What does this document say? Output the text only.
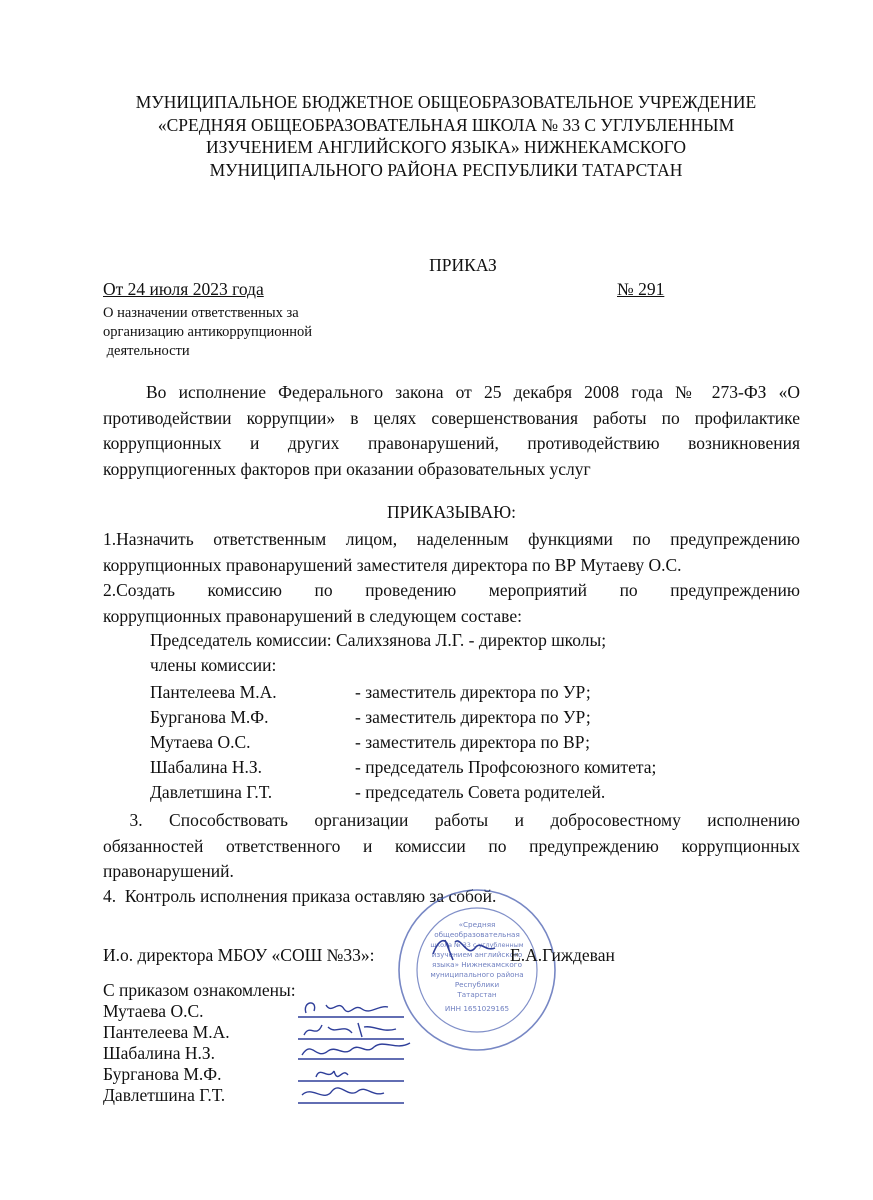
МУНИЦИПАЛЬНОЕ БЮДЖЕТНОЕ ОБЩЕОБРАЗОВАТЕЛЬНОЕ УЧРЕЖДЕНИЕ
«СРЕДНЯЯ ОБЩЕОБРАЗОВАТЕЛЬНАЯ ШКОЛА № 33 С УГЛУБЛЕННЫМ
ИЗУЧЕНИЕМ АНГЛИЙСКОГО ЯЗЫКА» НИЖНЕКАМСКОГО
МУНИЦИПАЛЬНОГО РАЙОНА РЕСПУБЛИКИ ТАТАРСТАН
ПРИКАЗ
От 24 июля 2023 года	№ 291
О назначении ответственных за
организацию антикоррупционной
деятельности
Во исполнение Федерального закона от 25 декабря 2008 года № 273-ФЗ «О
противодействии коррупции» в целях совершенствования работы по профилактике
коррупционных и других правонарушений, противодействию возникновения
коррупциогенных факторов при оказании образовательных услуг
ПРИКАЗЫВАЮ:
1.Назначить ответственным лицом, наделенным функциями по предупреждению
коррупционных правонарушений заместителя директора по ВР Мутаеву О.С.
2.Создать комиссию по проведению мероприятий по предупреждению
коррупционных правонарушений в следующем составе:
Председатель комиссии: Салихзянова Л.Г. - директор школы;
члены комиссии:
Пантелеева М.А.	- заместитель директора по УР;
Бурганова М.Ф.	- заместитель директора по УР;
Мутаева О.С.	- заместитель директора по ВР;
Шабалина Н.З.	- председатель Профсоюзного комитета;
Давлетшина Г.Т.	- председатель Совета родителей.
3. Способствовать организации работы и добросовестному исполнению
обязанностей ответственного и комиссии по предупреждению коррупционных
правонарушений.
4.  Контроль исполнения приказа оставляю за собой.
«Средняя
общеобразовательная
школа № 33 с углубленным
изучением английского
языка» Нижнекамского
муниципального района
Республики
Татарстан
ИНН 1651029165
И.о. директора МБОУ «СОШ №33»:	Е.А.Гиждеван
С приказом ознакомлены:
Мутаева О.С.
Пантелеева М.А.
Шабалина Н.З.
Бурганова М.Ф.
Давлетшина Г.Т.
